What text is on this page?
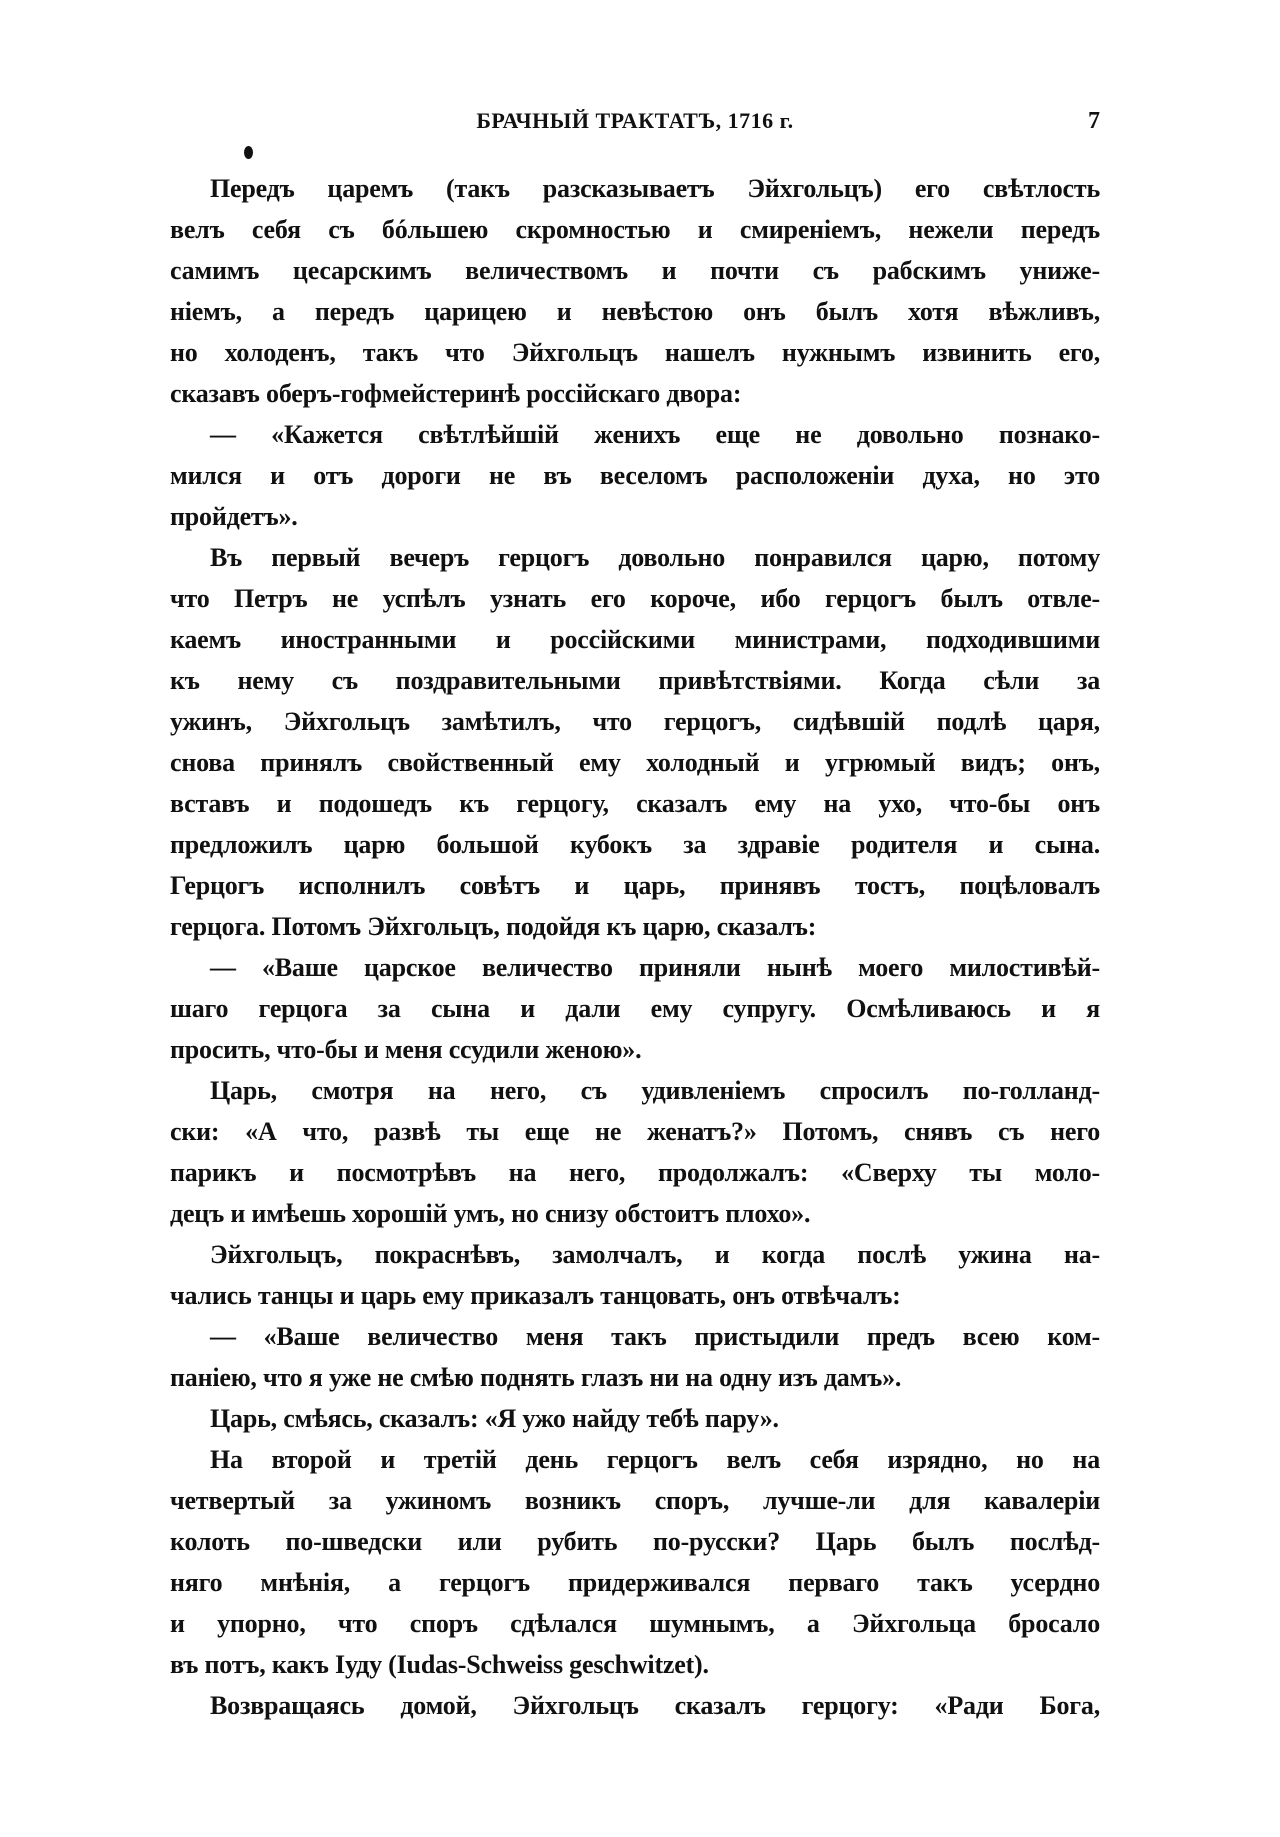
БРАЧНЫЙ ТРАКТАТЪ, 1716 г.	7
Передъ царемъ (такъ разсказываетъ Эйхгольцъ) его свѣтлость
велъ себя съ бóльшею скромностью и смиреніемъ, нежели передъ
самимъ цесарскимъ величествомъ и почти съ рабскимъ униже-
ніемъ, а передъ царицею и невѣстою онъ былъ хотя вѣжливъ,
но холоденъ, такъ что Эйхгольцъ нашелъ нужнымъ извинить его,
сказавъ оберъ-гофмейстеринѣ россійскаго двора:
— «Кажется свѣтлѣйшій женихъ еще не довольно познако-
мился и отъ дороги не въ веселомъ расположеніи духа, но это
пройдетъ».
Въ первый вечеръ герцогъ довольно понравился царю, потому
что Петръ не успѣлъ узнать его короче, ибо герцогъ былъ отвле-
каемъ иностранными и россійскими министрами, подходившими
къ нему съ поздравительными привѣтствіями. Когда сѣли за
ужинъ, Эйхгольцъ замѣтилъ, что герцогъ, сидѣвшій подлѣ царя,
снова принялъ свойственный ему холодный и угрюмый видъ; онъ,
вставъ и подошедъ къ герцогу, сказалъ ему на ухо, что-бы онъ
предложилъ царю большой кубокъ за здравіе родителя и сына.
Герцогъ исполнилъ совѣтъ и царь, принявъ тостъ, поцѣловалъ
герцога. Потомъ Эйхгольцъ, подойдя къ царю, сказалъ:
— «Ваше царское величество приняли нынѣ моего милостивѣй-
шаго герцога за сына и дали ему супругу. Осмѣливаюсь и я
просить, что-бы и меня ссудили женою».
Царь, смотря на него, съ удивленіемъ спросилъ по-голланд-
ски: «А что, развѣ ты еще не женатъ?» Потомъ, снявъ съ него
парикъ и посмотрѣвъ на него, продолжалъ: «Сверху ты моло-
децъ и имѣешь хорошій умъ, но снизу обстоитъ плохо».
Эйхгольцъ, покраснѣвъ, замолчалъ, и когда послѣ ужина на-
чались танцы и царь ему приказалъ танцовать, онъ отвѣчалъ:
— «Ваше величество меня такъ пристыдили предъ всею ком-
паніею, что я уже не смѣю поднять глазъ ни на одну изъ дамъ».
Царь, смѣясь, сказалъ: «Я ужо найду тебѣ пару».
На второй и третій день герцогъ велъ себя изрядно, но на
четвертый за ужиномъ возникъ споръ, лучше-ли для кавалеріи
колоть по-шведски или рубить по-русски? Царь былъ послѣд-
няго мнѣнія, а герцогъ придерживался перваго такъ усердно
и упорно, что споръ сдѣлался шумнымъ, а Эйхгольца бросало
въ потъ, какъ Іуду (Iudas-Schweiss geschwitzet).
Возвращаясь домой, Эйхгольцъ сказалъ герцогу: «Ради Бога,
